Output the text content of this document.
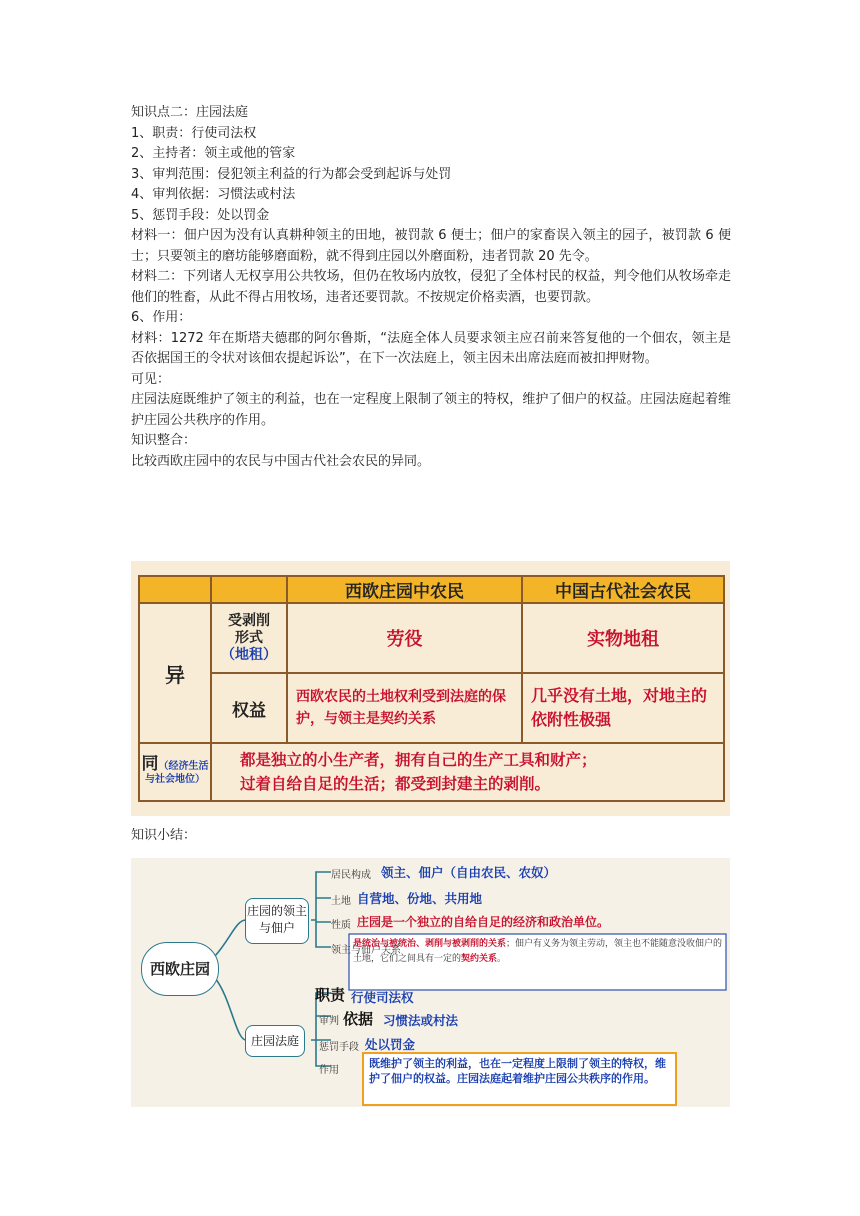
知识点二：庄园法庭

1、职责：行使司法权

2、主持者：领主或他的管家

3、审判范围：侵犯领主利益的行为都会受到起诉与处罚

4、审判依据：习惯法或村法

5、惩罚手段：处以罚金

材料一：佃户因为没有认真耕种领主的田地，被罚款 6 便士；佃户的家畜误入领主的园子，被罚款 6 便士；只要领主的磨坊能够磨面粉，就不得到庄园以外磨面粉，违者罚款 20 先令。

材料二：下列诸人无权享用公共牧场，但仍在牧场内放牧，侵犯了全体村民的权益，判令他们从牧场牵走他们的牲畜，从此不得占用牧场，违者还要罚款。不按规定价格卖酒，也要罚款。

6、作用：

材料：1272 年在斯塔夫德郡的阿尔鲁斯，“法庭全体人员要求领主应召前来答复他的一个佃农，领主是否依据国王的令状对该佃农提起诉讼”，在下一次法庭上，领主因未出席法庭而被扣押财物。

可见：

庄园法庭既维护了领主的利益，也在一定程度上限制了领主的特权，维护了佃户的权益。庄园法庭起着维护庄园公共秩序的作用。

知识整合：

比较西欧庄园中的农民与中国古代社会农民的异同。

		西欧庄园中农民	中国古代社会农民
异	受剥削
形式
（地租）	劳役	实物地租
	权益	西欧农民的土地权利受到法庭的保护，与领主是契约关系	几乎没有土地，对地主的依附性极强
同（经济生活与社会地位）	都是独立的小生产者，拥有自己的生产工具和财产；
过着自给自足的生活；都受到封建主的剥削。		
知识小结：
西欧庄园
庄园的领主与佃户
庄园法庭
居民构成 领主、佃户（自由农民、农奴）
土地 自营地、份地、共用地
性质 庄园是一个独立的自给自足的经济和政治单位。
领主与佃户关系
是统治与被统治、剥削与被剥削的关系；佃户有义务为领主劳动，领主也不能随意没收佃户的土地，它们之间具有一定的契约关系。
职责 行使司法权
审判 依据 习惯法或村法
惩罚手段 处以罚金
作用
既维护了领主的利益，也在一定程度上限制了领主的特权，维护了佃户的权益。庄园法庭起着维护庄园公共秩序的作用。
